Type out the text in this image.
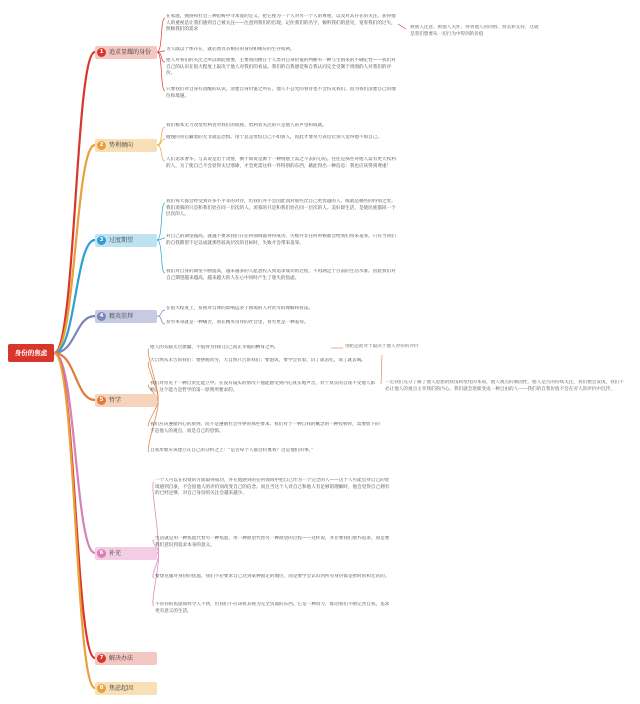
身份的焦虑
1 追求显耀的身份
在家庭、拥挤和社会三种范畴中寻求爱的定义，把它视为一个人对另一个人的尊重，以及对其存在的关注。获得他人的重视是让我们感到自己被关注——注意到我们的出现，记住我们的名字，倾听我们的意见，宽宥我们的过失，照顾我们的需求
为人既以个体存在，就必然具有相应的身份和相应的生存权利。
他人对我们的关注之所以如此重要，主要原因便在于人类对自身价值的判断有一种与生俱来的不确定性——我们对自己的认识在很大程度上取决于他人对我们的看法。我们的自我感觉和自我认同完全受制于周围的人对我们的评价。
只要我们对自身有清醒的认识，清楚自身价值之所在，他人不公允的看待也不会伤及我们，因为我们清楚自己的地位和境遇。
被他人注意、被他人关怀，得到他人的同情、赞美和支持，这就是我们想要从一切行为中得到的价值
2 势利倾向
我们根本无力改变势利者对我们的成视。势利者关注的只是他人的声望和成就。
傲慢的背后藏着的无非就是恐惧。由于总是害怕自己不如别人，因此才要努力表达让别人觉得他不如自己。
人们追求奢华，与其说是出于贪婪，倒不如说是源于一种情感上需之不去的心结。往往是那些对他人需有更大权利的人，为了使自己不会显得太过寒碜，才会更需这样一件特别的东西，藉此得出一种信息：我也应该得到尊重！
3 过度期望
我们每天都会经受到许多不平等的对待，但我们并不会因此而对那些比自己更优越的人，或就是哪些的特别之处。我们羡慕的只是和我们处在同一层次的人。羡慕的只是和我们处在同一层次的人。美好即生活，是使民族都同一个层次的人。
对自己的期望越高，就越不要求我们在任何领域都得得成功。失败并非任何时候都会给我们带来羞辱，只有当我们的自我期望不足以成就那些较高层次的目标时，失败才会带来羞辱。
我们对自身的期望不断提高，越来越多的人愿意投入到追求成功的过程，不再满足于目前的生活水准。因此我们对自己期望越来越高，越来越大的人在心中同时产生了迷失的焦虑。
4 精英崇拜
在很大程度上，贫困对自尊的影响远多于困境的人对贫穷的理解和看法。
贫穷本身就是一种痛苦，而在精英崇拜的社会里，贫穷更是一种羞辱。
5 哲学
他人的头脑太过愚蠢，不值得为我们自己而正幸福的栖身之所。
大自然从未告诉我们：要摆脱贫穷，大自然只告诉我们：要饱饭，要学会衣着，饥了就去吃，渴了就去喝。
我们对常见于一种自责还能立中。在没有镜头的情况下他能感受到内心真实地声音，对于真实的自我不受他人影响。这个能力是哲学的第一原则所要求的。
我们应该遵循内心的原则，而不是遵循社会外界的那些要求。我们对于一种自我的概念的一种投射时，需要放下的不是他人的观点，而是自己的恐惧。
自我形象应该建立在自己的分析之上：“是否每个人都会轻蔑我？这是他们的事。”
一定我们充分了解了他人思想的肤浅和变化的本质，他人观点的顽固性，他人是否的持续关注，我们便会发现，我们不必让他人的观点主宰我们的内心。我们就会逐渐变成一种自由的人——我们的自我价值不会在旁人的评价中沉浮。
别把态度对于取决于他人对你的评价
6 补充
一个人可以在投资的方面取得成功，并在他感到的任何领域中把自己作为一个完全的人——这个人可能会对自己的处境感到自豪，不会因他人的评价而改变自己的信念。而且当这个人对自己和他人有足够的理解时，他会觉得自己拥有的已经足够，对自己身份的关注会越来越少。
生活就是用一种焦虑代替另一种焦虑，用一种欲望代替另一种欲望的过程——这样说，并非要我们放弃追求，而是要我们意识到追求本身的意义。
要想克服对身份的焦虑，我们不必要求自己达到某种固定的地位，而是要学会认识到所有身份都是暂时的和无常的。
不管你的焦虑如何令人不快，但我们不应该将其视为完全负面的东西。它是一种动力，推动我们不断完善自我，追求更有意义的生活。
7 解决办法
8 焦虑起因
